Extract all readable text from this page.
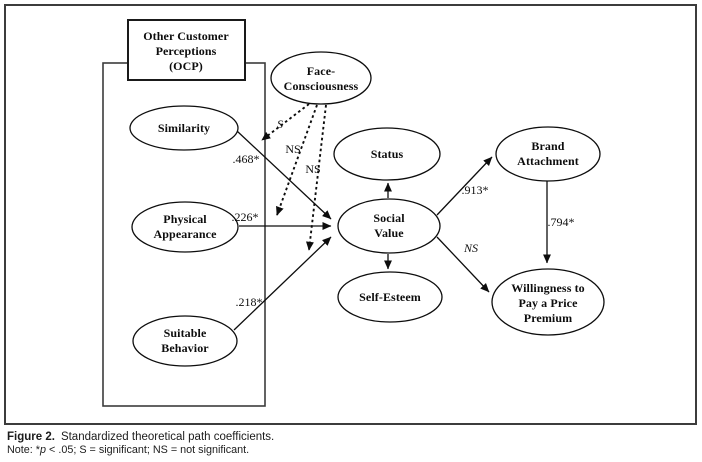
Other Customer
Perceptions
(OCP)
Similarity
Physical
Appearance
Suitable
Behavior
Face-
Consciousness
Status
Social
Value
Self-Esteem
Brand
Attachment
Willingness to
Pay a Price
Premium
.468*
.226*
.218*
.913*
NS
.794*
S
NS
NS
Figure 2. Standardized theoretical path coefficients.
Note: *p < .05; S = significant; NS = not significant.
